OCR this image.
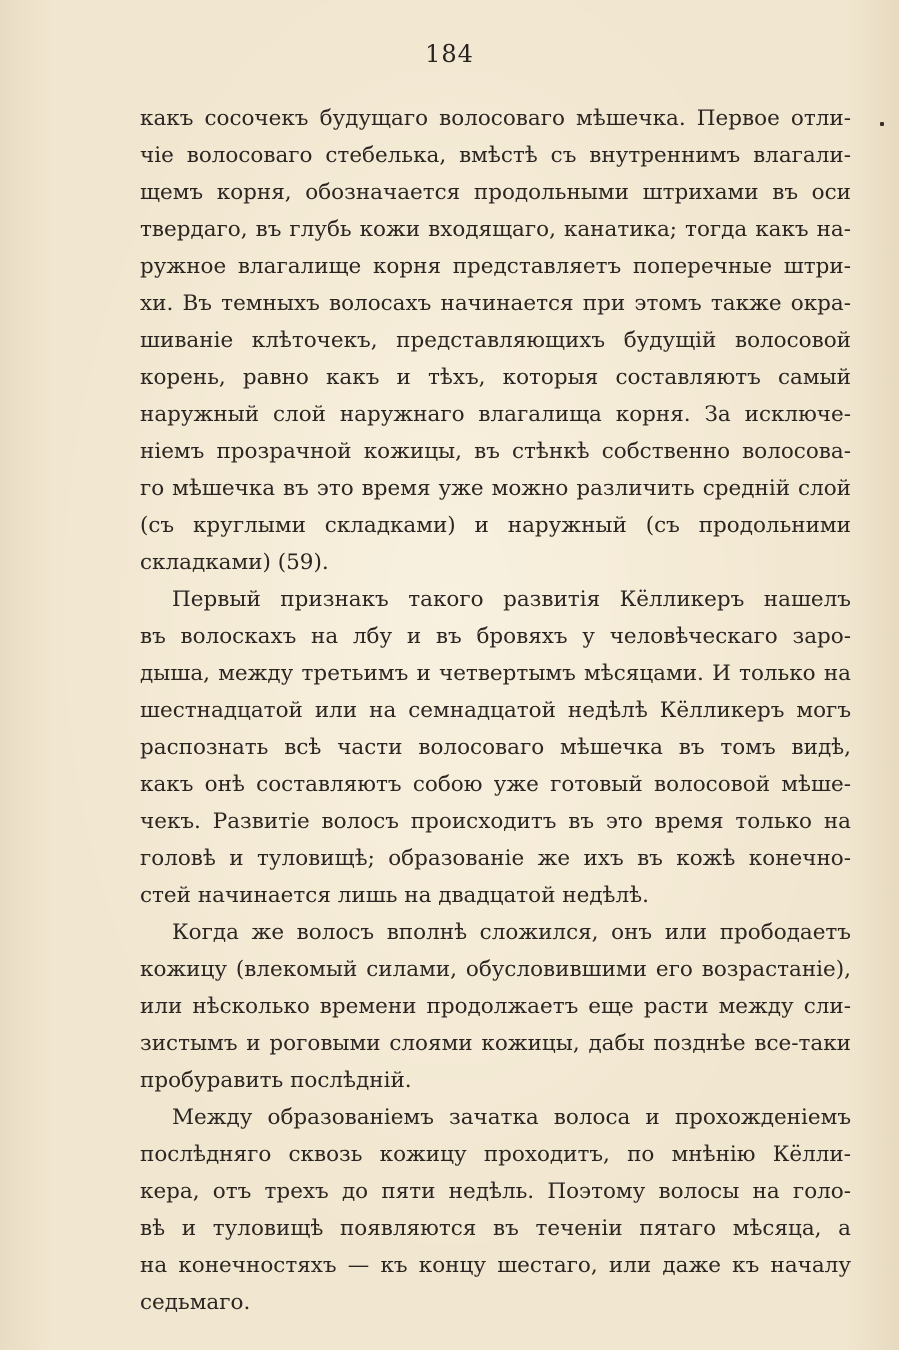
184
какъ сосочекъ будущаго волосоваго мѣшечка. Первое отли-
чіе волосоваго стебелька, вмѣстѣ съ внутреннимъ влагали-
щемъ корня, обозначается продольными штрихами въ оси
твердаго, въ глубь кожи входящаго, канатика; тогда какъ на-
ружное влагалище корня представляетъ поперечные штри-
хи. Въ темныхъ волосахъ начинается при этомъ также окра-
шиваніе клѣточекъ, представляющихъ будущій волосовой
корень, равно какъ и тѣхъ, которыя составляютъ самый
наружный слой наружнаго влагалища корня. За исключе-
ніемъ прозрачной кожицы, въ стѣнкѣ собственно волосова-
го мѣшечка въ это время уже можно различить средній слой
(съ круглыми складками) и наружный (съ продольними
складками) (59).
Первый признакъ такого развитія Кёлликеръ нашелъ
въ волоскахъ на лбу и въ бровяхъ у человѣческаго заро-
дыша, между третьимъ и четвертымъ мѣсяцами. И только на
шестнадцатой или на семнадцатой недѣлѣ Кёлликеръ могъ
распознать всѣ части волосоваго мѣшечка въ томъ видѣ,
какъ онѣ составляютъ собою уже готовый волосовой мѣше-
чекъ. Развитіе волосъ происходитъ въ это время только на
головѣ и туловищѣ; образованіе же ихъ въ кожѣ конечно-
стей начинается лишь на двадцатой недѣлѣ.
Когда же волосъ вполнѣ сложился, онъ или прободаетъ
кожицу (влекомый силами, обусловившими его возрастаніе),
или нѣсколько времени продолжаетъ еще расти между сли-
зистымъ и роговыми слоями кожицы, дабы позднѣе все-таки
пробуравить послѣдній.
Между образованіемъ зачатка волоса и прохожденіемъ
послѣдняго сквозь кожицу проходитъ, по мнѣнію Кёлли-
кера, отъ трехъ до пяти недѣль. Поэтому волосы на голо-
вѣ и туловищѣ появляются въ теченіи пятаго мѣсяца, а
на конечностяхъ — къ концу шестаго, или даже къ началу
седьмаго.
